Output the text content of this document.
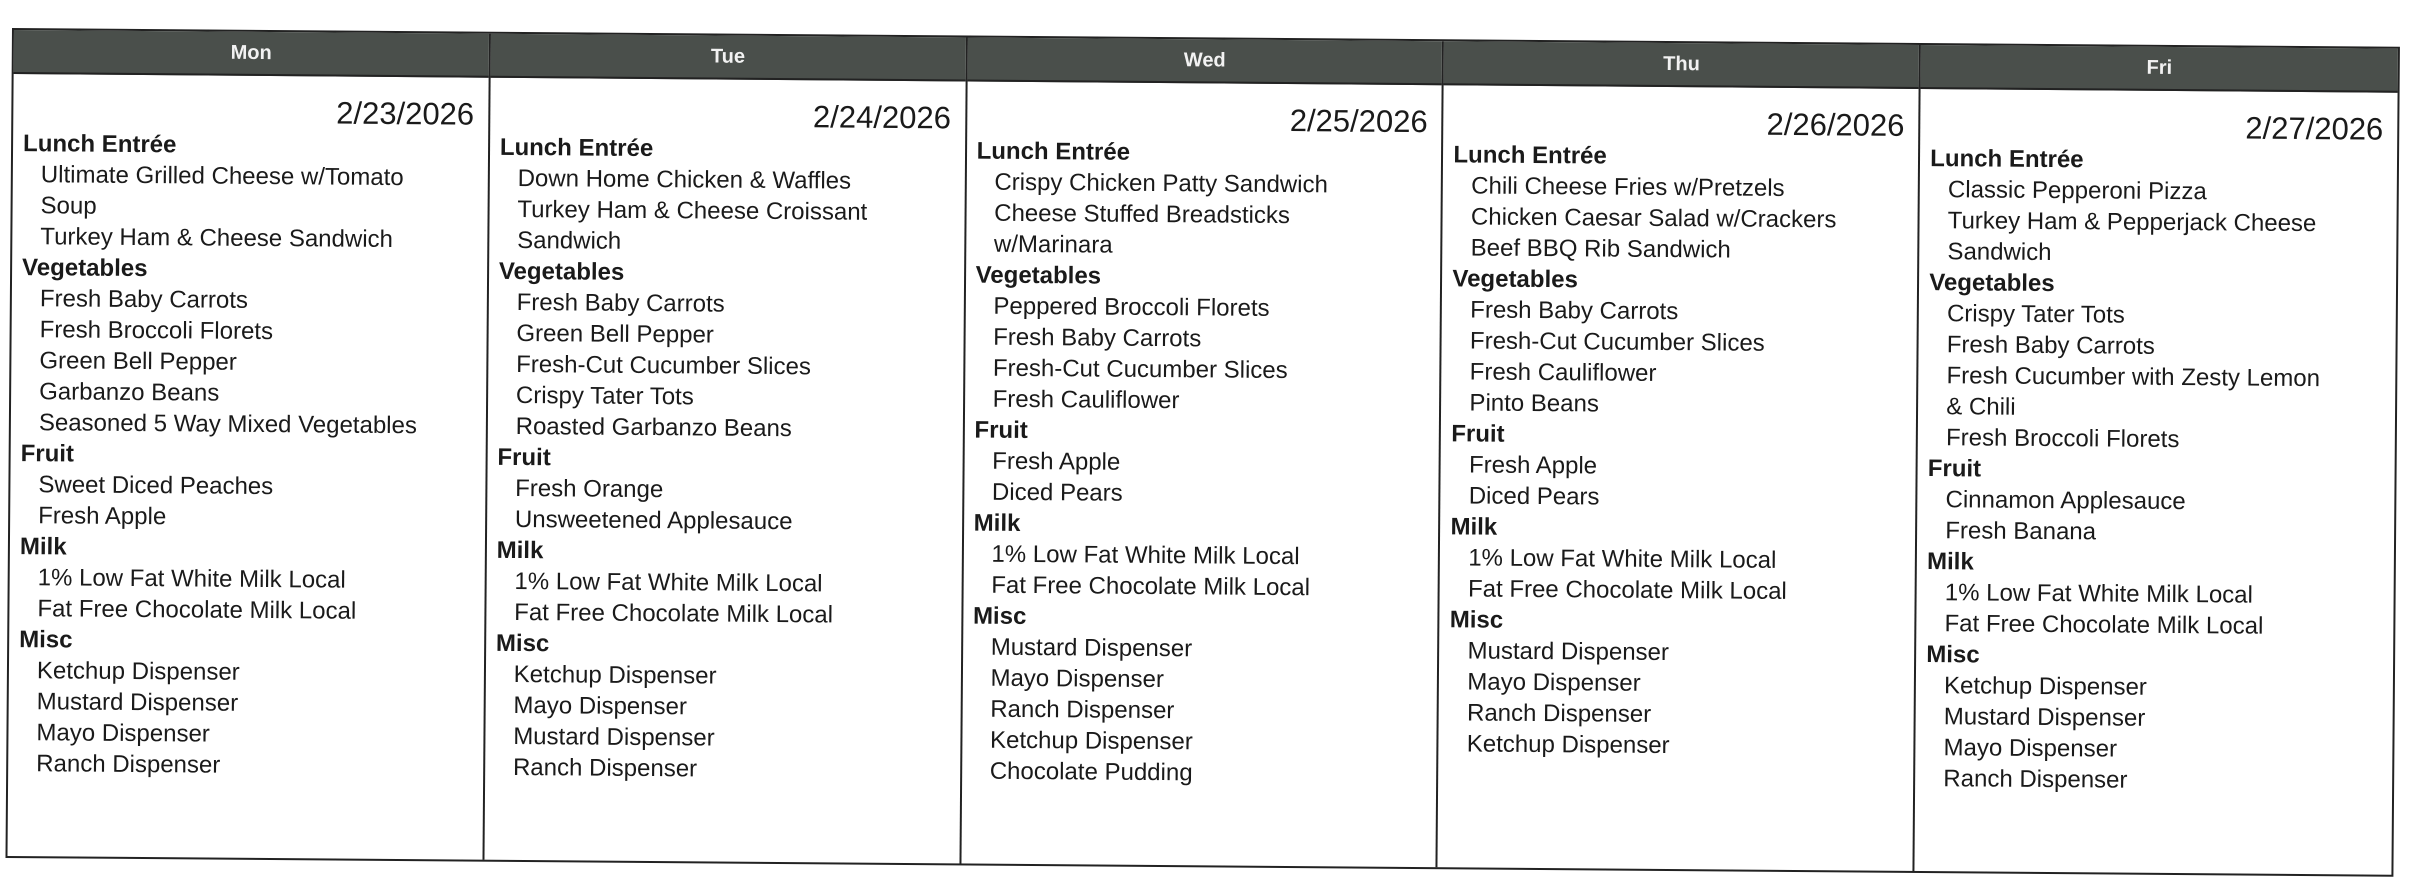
Mon
2/23/2026
Lunch Entrée
Ultimate Grilled Cheese w/Tomato
Soup
Turkey Ham & Cheese Sandwich
Vegetables
Fresh Baby Carrots
Fresh Broccoli Florets
Green Bell Pepper
Garbanzo Beans
Seasoned 5 Way Mixed Vegetables
Fruit
Sweet Diced Peaches
Fresh Apple
Milk
1% Low Fat White Milk Local
Fat Free Chocolate Milk Local
Misc
Ketchup Dispenser
Mustard Dispenser
Mayo Dispenser
Ranch Dispenser
Tue
2/24/2026
Lunch Entrée
Down Home Chicken & Waffles
Turkey Ham & Cheese Croissant
Sandwich
Vegetables
Fresh Baby Carrots
Green Bell Pepper
Fresh-Cut Cucumber Slices
Crispy Tater Tots
Roasted Garbanzo Beans
Fruit
Fresh Orange
Unsweetened Applesauce
Milk
1% Low Fat White Milk Local
Fat Free Chocolate Milk Local
Misc
Ketchup Dispenser
Mayo Dispenser
Mustard Dispenser
Ranch Dispenser
Wed
2/25/2026
Lunch Entrée
Crispy Chicken Patty Sandwich
Cheese Stuffed Breadsticks
w/Marinara
Vegetables
Peppered Broccoli Florets
Fresh Baby Carrots
Fresh-Cut Cucumber Slices
Fresh Cauliflower
Fruit
Fresh Apple
Diced Pears
Milk
1% Low Fat White Milk Local
Fat Free Chocolate Milk Local
Misc
Mustard Dispenser
Mayo Dispenser
Ranch Dispenser
Ketchup Dispenser
Chocolate Pudding
Thu
2/26/2026
Lunch Entrée
Chili Cheese Fries w/Pretzels
Chicken Caesar Salad w/Crackers
Beef BBQ Rib Sandwich
Vegetables
Fresh Baby Carrots
Fresh-Cut Cucumber Slices
Fresh Cauliflower
Pinto Beans
Fruit
Fresh Apple
Diced Pears
Milk
1% Low Fat White Milk Local
Fat Free Chocolate Milk Local
Misc
Mustard Dispenser
Mayo Dispenser
Ranch Dispenser
Ketchup Dispenser
Fri
2/27/2026
Lunch Entrée
Classic Pepperoni Pizza
Turkey Ham & Pepperjack Cheese
Sandwich
Vegetables
Crispy Tater Tots
Fresh Baby Carrots
Fresh Cucumber with Zesty Lemon
& Chili
Fresh Broccoli Florets
Fruit
Cinnamon Applesauce
Fresh Banana
Milk
1% Low Fat White Milk Local
Fat Free Chocolate Milk Local
Misc
Ketchup Dispenser
Mustard Dispenser
Mayo Dispenser
Ranch Dispenser
